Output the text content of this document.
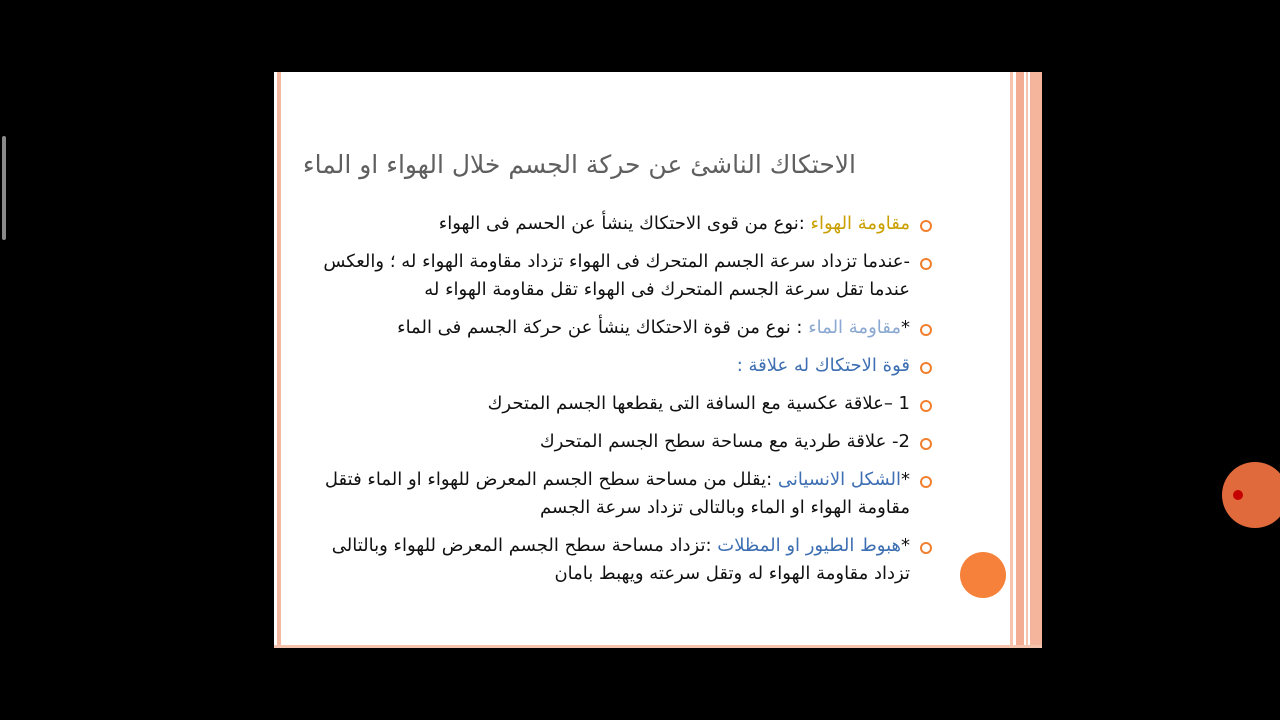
الاحتكاك الناشئ عن حركة الجسم خلال الهواء او الماء
مقاومة الهواء :نوع من قوى الاحتكاك ينشأ عن الحسم فى الهواء
-عندما تزداد سرعة الجسم المتحرك فى الهواء تزداد مقاومة الهواء له ؛ والعكس عندما تقل سرعة الجسم المتحرك فى الهواء تقل مقاومة الهواء له
*مقاومة الماء : نوع من قوة الاحتكاك ينشأ عن حركة الجسم فى الماء
قوة الاحتكاك له علاقة :
1 –علاقة عكسية مع السافة التى يقطعها الجسم المتحرك
2- علاقة طردية مع مساحة سطح الجسم المتحرك
*الشكل الانسيانى :يقلل من مساحة سطح الجسم المعرض للهواء او الماء فتقل مقاومة الهواء او الماء وبالتالى تزداد سرعة الجسم
*هبوط الطيور او المظلات :تزداد مساحة سطح الجسم المعرض للهواء وبالتالى تزداد مقاومة الهواء له وتقل سرعته ويهبط بامان
